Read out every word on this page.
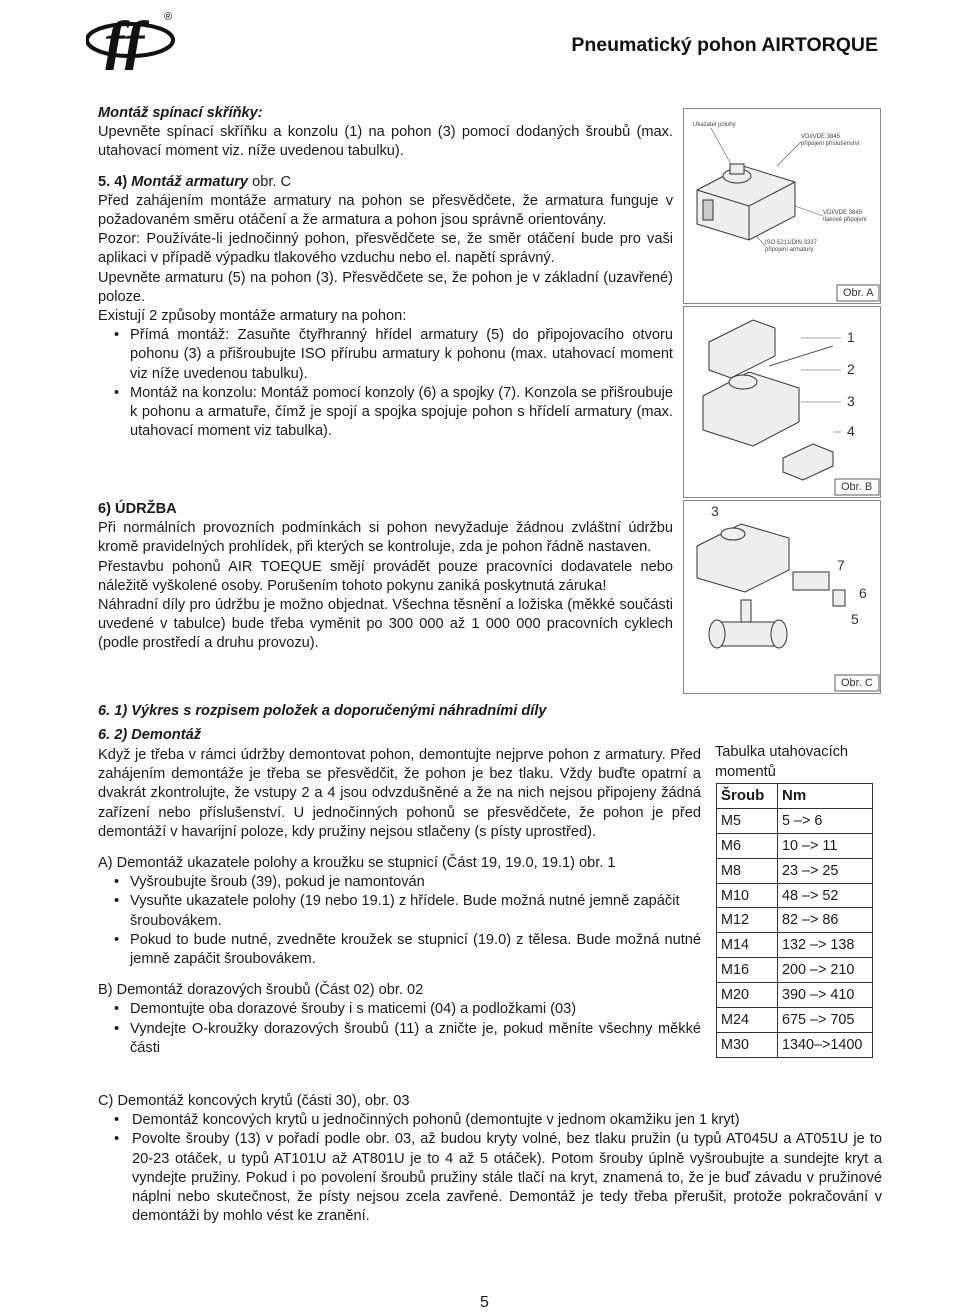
ff	®
Pneumatický pohon AIRTORQUE

Montáž spínací skříňky:

Upevněte spínací skříňku a konzolu (1) na pohon (3) pomocí dodaných šroubů (max. utahovací moment viz. níže uvedenou tabulku).

5. 4) Montáž armatury obr. C

Před zahájením montáže armatury na pohon se přesvědčete, že armatura funguje v požadovaném směru otáčení a že armatura a pohon jsou správně orientovány.

Pozor: Používáte-li jednočinný pohon, přesvědčete se, že směr otáčení bude pro vaši aplikaci v případě výpadku tlakového vzduchu nebo el. napětí správný.

Upevněte armaturu (5) na pohon (3). Přesvědčete se, že pohon je v základní (uzavřené) poloze.

Existují 2 způsoby montáže armatury na pohon:

• Přímá montáž: Zasuňte čtyřhranný hřídel armatury (5) do připojovacího otvoru pohonu (3) a přišroubujte ISO přírubu armatury k pohonu (max. utahovací moment viz níže uvedenou tabulku).
• Montáž na konzolu: Montáž pomocí konzoly (6) a spojky (7). Konzola se přišroubuje k pohonu a armatuře, čímž je spojí a spojka spojuje pohon s hřídelí armatury (max. utahovací moment viz tabulka).

6) ÚDRŽBA

Při normálních provozních podmínkách si pohon nevyžaduje žádnou zvláštní údržbu kromě pravidelných prohlídek, při kterých se kontroluje, zda je pohon řádně nastaven.

Přestavbu pohonů AIR TOEQUE smějí provádět pouze pracovníci dodavatele nebo náležitě vyškolené osoby. Porušením tohoto pokynu zaniká poskytnutá záruka!

Náhradní díly pro údržbu je možno objednat. Všechna těsnění a ložiska (měkké součásti uvedené v tabulce) bude třeba vyměnit po 300 000 až 1 000 000 pracovních cyklech (podle prostředí a druhu provozu).

6. 1) Výkres s rozpisem položek a doporučenými náhradními díly

6. 2) Demontáž

Když je třeba v rámci údržby demontovat pohon, demontujte nejprve pohon z armatury. Před zahájením demontáže je třeba se přesvědčit, že pohon je bez tlaku. Vždy buďte opatrní a dvakrát zkontrolujte, že vstupy 2 a 4 jsou odvzdušněné a že na nich nejsou připojeny žádná zařízení nebo příslušenství. U jednočinných pohonů se přesvědčete, že pohon je před demontáží v havarijní poloze, kdy pružiny nejsou stlačeny (s písty uprostřed).

A) Demontáž ukazatele polohy a kroužku se stupnicí (Část 19, 19.0, 19.1) obr. 1

• Vyšroubujte šroub (39), pokud je namontován
• Vysuňte ukazatele polohy (19 nebo 19.1) z hřídele. Bude možná nutné jemně zapáčit šroubovákem.
• Pokud to bude nutné, zvedněte kroužek se stupnicí (19.0) z tělesa. Bude možná nutné jemně zapáčit šroubovákem.

B) Demontáž dorazových šroubů (Část 02) obr. 02

• Demontujte oba dorazové šrouby i s maticemi (04) a podložkami (03)
• Vyndejte O-kroužky dorazových šroubů (11) a zničte je, pokud měníte všechny měkké části

C) Demontáž koncových krytů (části 30), obr. 03

• Demontáž koncových krytů u jednočinných pohonů (demontujte v jednom okamžiku jen 1 kryt)
• Povolte šrouby (13) v pořadí podle obr. 03, až budou kryty volné, bez tlaku pružin (u typů AT045U a AT051U je to 20-23 otáček, u typů AT101U až AT801U je to 4 až 5 otáček). Potom šrouby úplně vyšroubujte a sundejte kryt a vyndejte pružiny. Pokud i po povolení šroubů pružiny stále tlačí na kryt, znamená to, že je buď závadu v pružinové náplni nebo skutečnost, že písty nejsou zcela zavřené. Demontáž je tedy třeba přerušit, protože pokračování v demontáži by mohlo vést ke zranění.
Ukazatel polohy
VDI/VDE 3845
připojení příslušenství
VDI/VDE 3845
tlakové připojení
ISO 5211/DIN 3337
připojení armatury
Obr. A
1
2
3
4
Obr. B
3
7
6
5
Obr. C
Tabulka utahovacích momentů
Šroub	Nm
M5	5 –> 6
M6	10 –> 11
M8	23 –> 25
M10	48 –> 52
M12	82 –> 86
M14	132 –> 138
M16	200 –> 210
M20	390 –> 410
M24	675 –> 705
M30	1340–>1400
5
